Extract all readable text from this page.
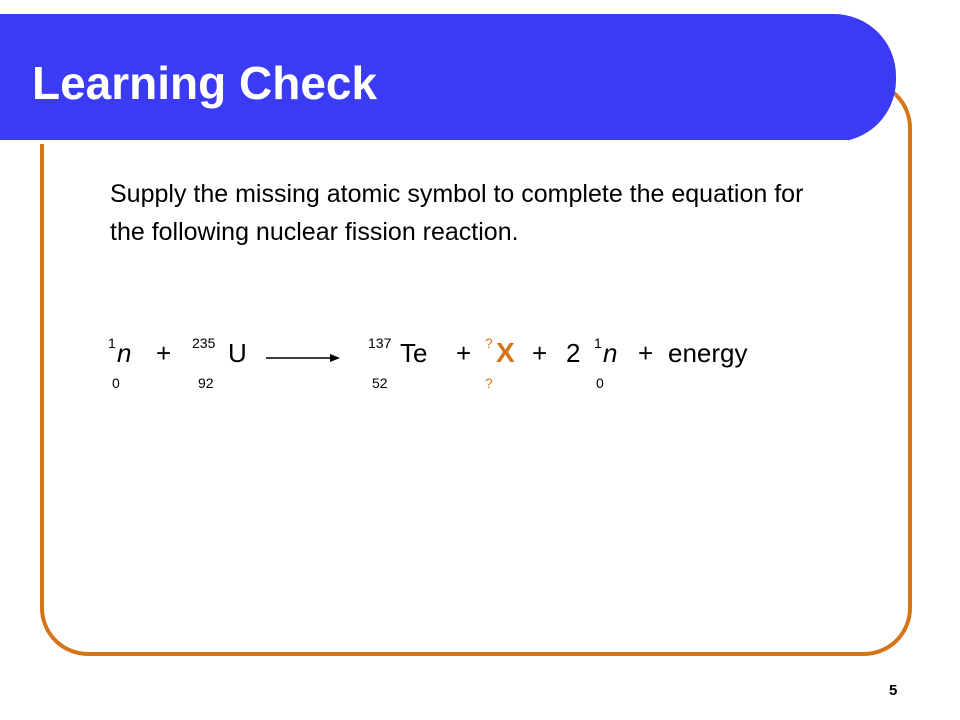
Learning Check

Supply the missing atomic symbol to complete the equation for the following nuclear fission reaction.

1 n
0
+ 235 U
92
137 Te
52
+ ? X
?
+ 2 1 n
0
+ energy
5
